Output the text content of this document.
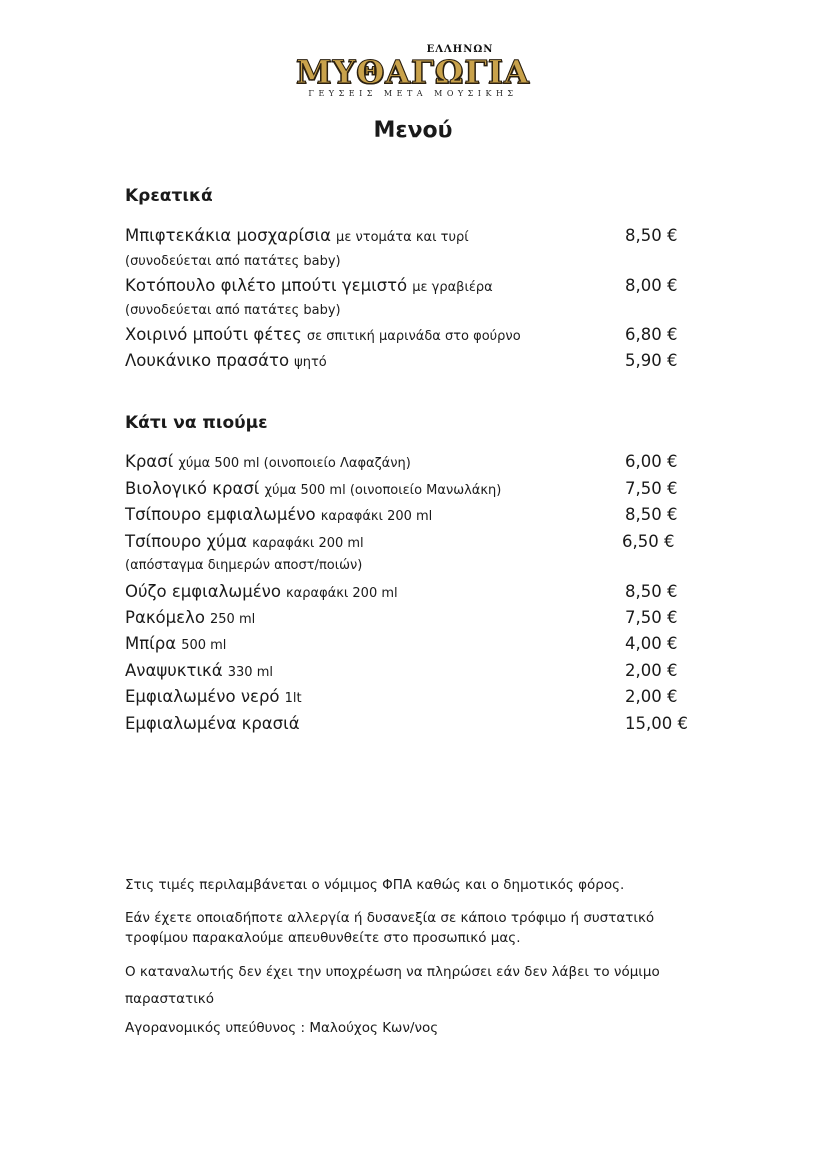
ΕΛΛΗΝΩΝ
ΜΥΘΑΓΩΓΙΑ
ΓΕΥΣΕΙΣ ΜΕΤΑ ΜΟΥΣΙΚΗΣ
Μενού
Κρεατικά
Μπιφτεκάκια μοσχαρίσια με ντομάτα και τυρί	8,50 €
(συνοδεύεται από πατάτες baby)
Κοτόπουλο φιλέτο μπούτι γεμιστό με γραβιέρα	8,00 €
(συνοδεύεται από πατάτες baby)
Χοιρινό μπούτι φέτες σε σπιτική μαρινάδα στο φούρνο	6,80 €
Λουκάνικο πρασάτο ψητό	5,90 €
Κάτι να πιούμε
Κρασί χύμα 500 ml (οινοποιείο Λαφαζάνη)	6,00 €
Βιολογικό κρασί χύμα 500 ml (οινοποιείο Μανωλάκη)	7,50 €
Τσίπουρο εμφιαλωμένο καραφάκι 200 ml	8,50 €
Τσίπουρο χύμα καραφάκι 200 ml	6,50 €
(απόσταγμα διημερών αποστ/ποιών)
Ούζο εμφιαλωμένο καραφάκι 200 ml	8,50 €
Ρακόμελο 250 ml	7,50 €
Μπίρα 500 ml	4,00 €
Αναψυκτικά 330 ml	2,00 €
Εμφιαλωμένο νερό 1lt	2,00 €
Εμφιαλωμένα κρασιά	15,00 €
Στις τιμές περιλαμβάνεται ο νόμιμος ΦΠΑ καθώς και ο δημοτικός φόρος.
Εάν έχετε οποιαδήποτε αλλεργία ή δυσανεξία σε κάποιο τρόφιμο ή συστατικό τροφίμου παρακαλούμε απευθυνθείτε στο προσωπικό μας.
Ο καταναλωτής δεν έχει την υποχρέωση να πληρώσει εάν δεν λάβει το νόμιμο παραστατικό
Αγορανομικός υπεύθυνος : Μαλούχος Κων/νος
